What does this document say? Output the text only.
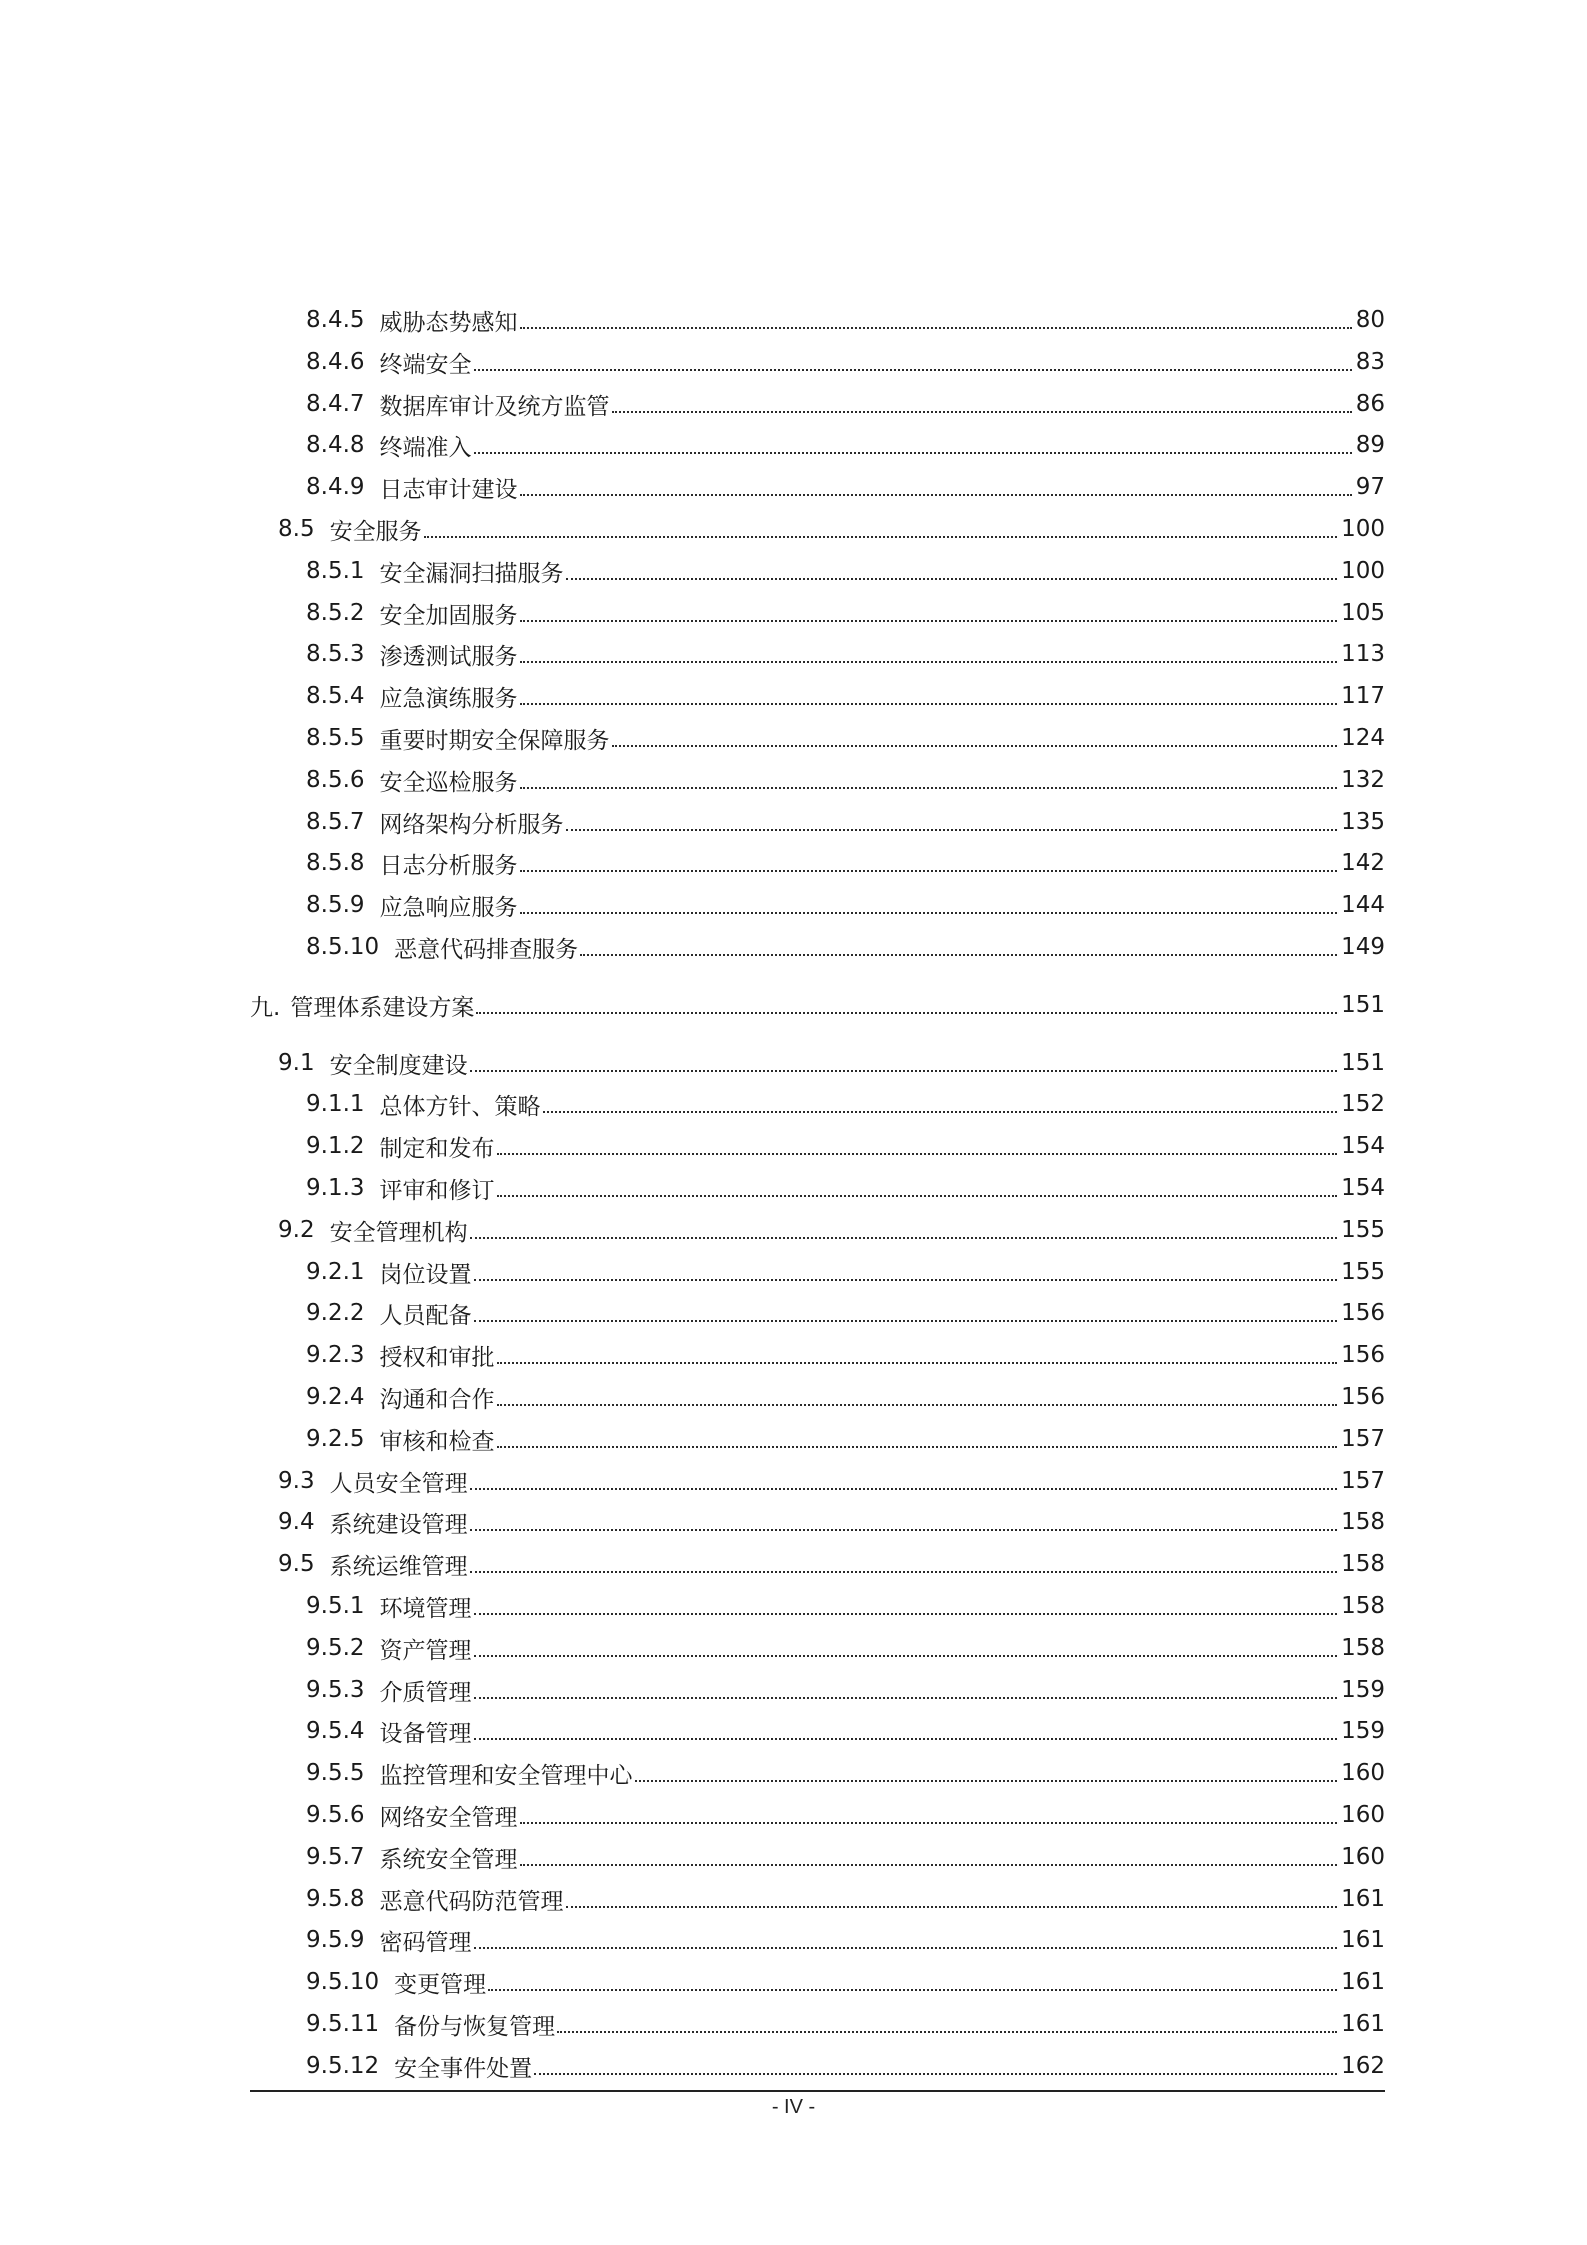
8.4.5 威胁态势感知	80
8.4.6 终端安全	83
8.4.7 数据库审计及统方监管	86
8.4.8 终端准入	89
8.4.9 日志审计建设	97
8.5 安全服务	100
8.5.1 安全漏洞扫描服务	100
8.5.2 安全加固服务	105
8.5.3 渗透测试服务	113
8.5.4 应急演练服务	117
8.5.5 重要时期安全保障服务	124
8.5.6 安全巡检服务	132
8.5.7 网络架构分析服务	135
8.5.8 日志分析服务	142
8.5.9 应急响应服务	144
8.5.10 恶意代码排查服务	149
九. 管理体系建设方案	151
9.1 安全制度建设	151
9.1.1 总体方针、策略	152
9.1.2 制定和发布	154
9.1.3 评审和修订	154
9.2 安全管理机构	155
9.2.1 岗位设置	155
9.2.2 人员配备	156
9.2.3 授权和审批	156
9.2.4 沟通和合作	156
9.2.5 审核和检查	157
9.3 人员安全管理	157
9.4 系统建设管理	158
9.5 系统运维管理	158
9.5.1 环境管理	158
9.5.2 资产管理	158
9.5.3 介质管理	159
9.5.4 设备管理	159
9.5.5 监控管理和安全管理中心	160
9.5.6 网络安全管理	160
9.5.7 系统安全管理	160
9.5.8 恶意代码防范管理	161
9.5.9 密码管理	161
9.5.10 变更管理	161
9.5.11 备份与恢复管理	161
9.5.12 安全事件处置	162
- IV -
